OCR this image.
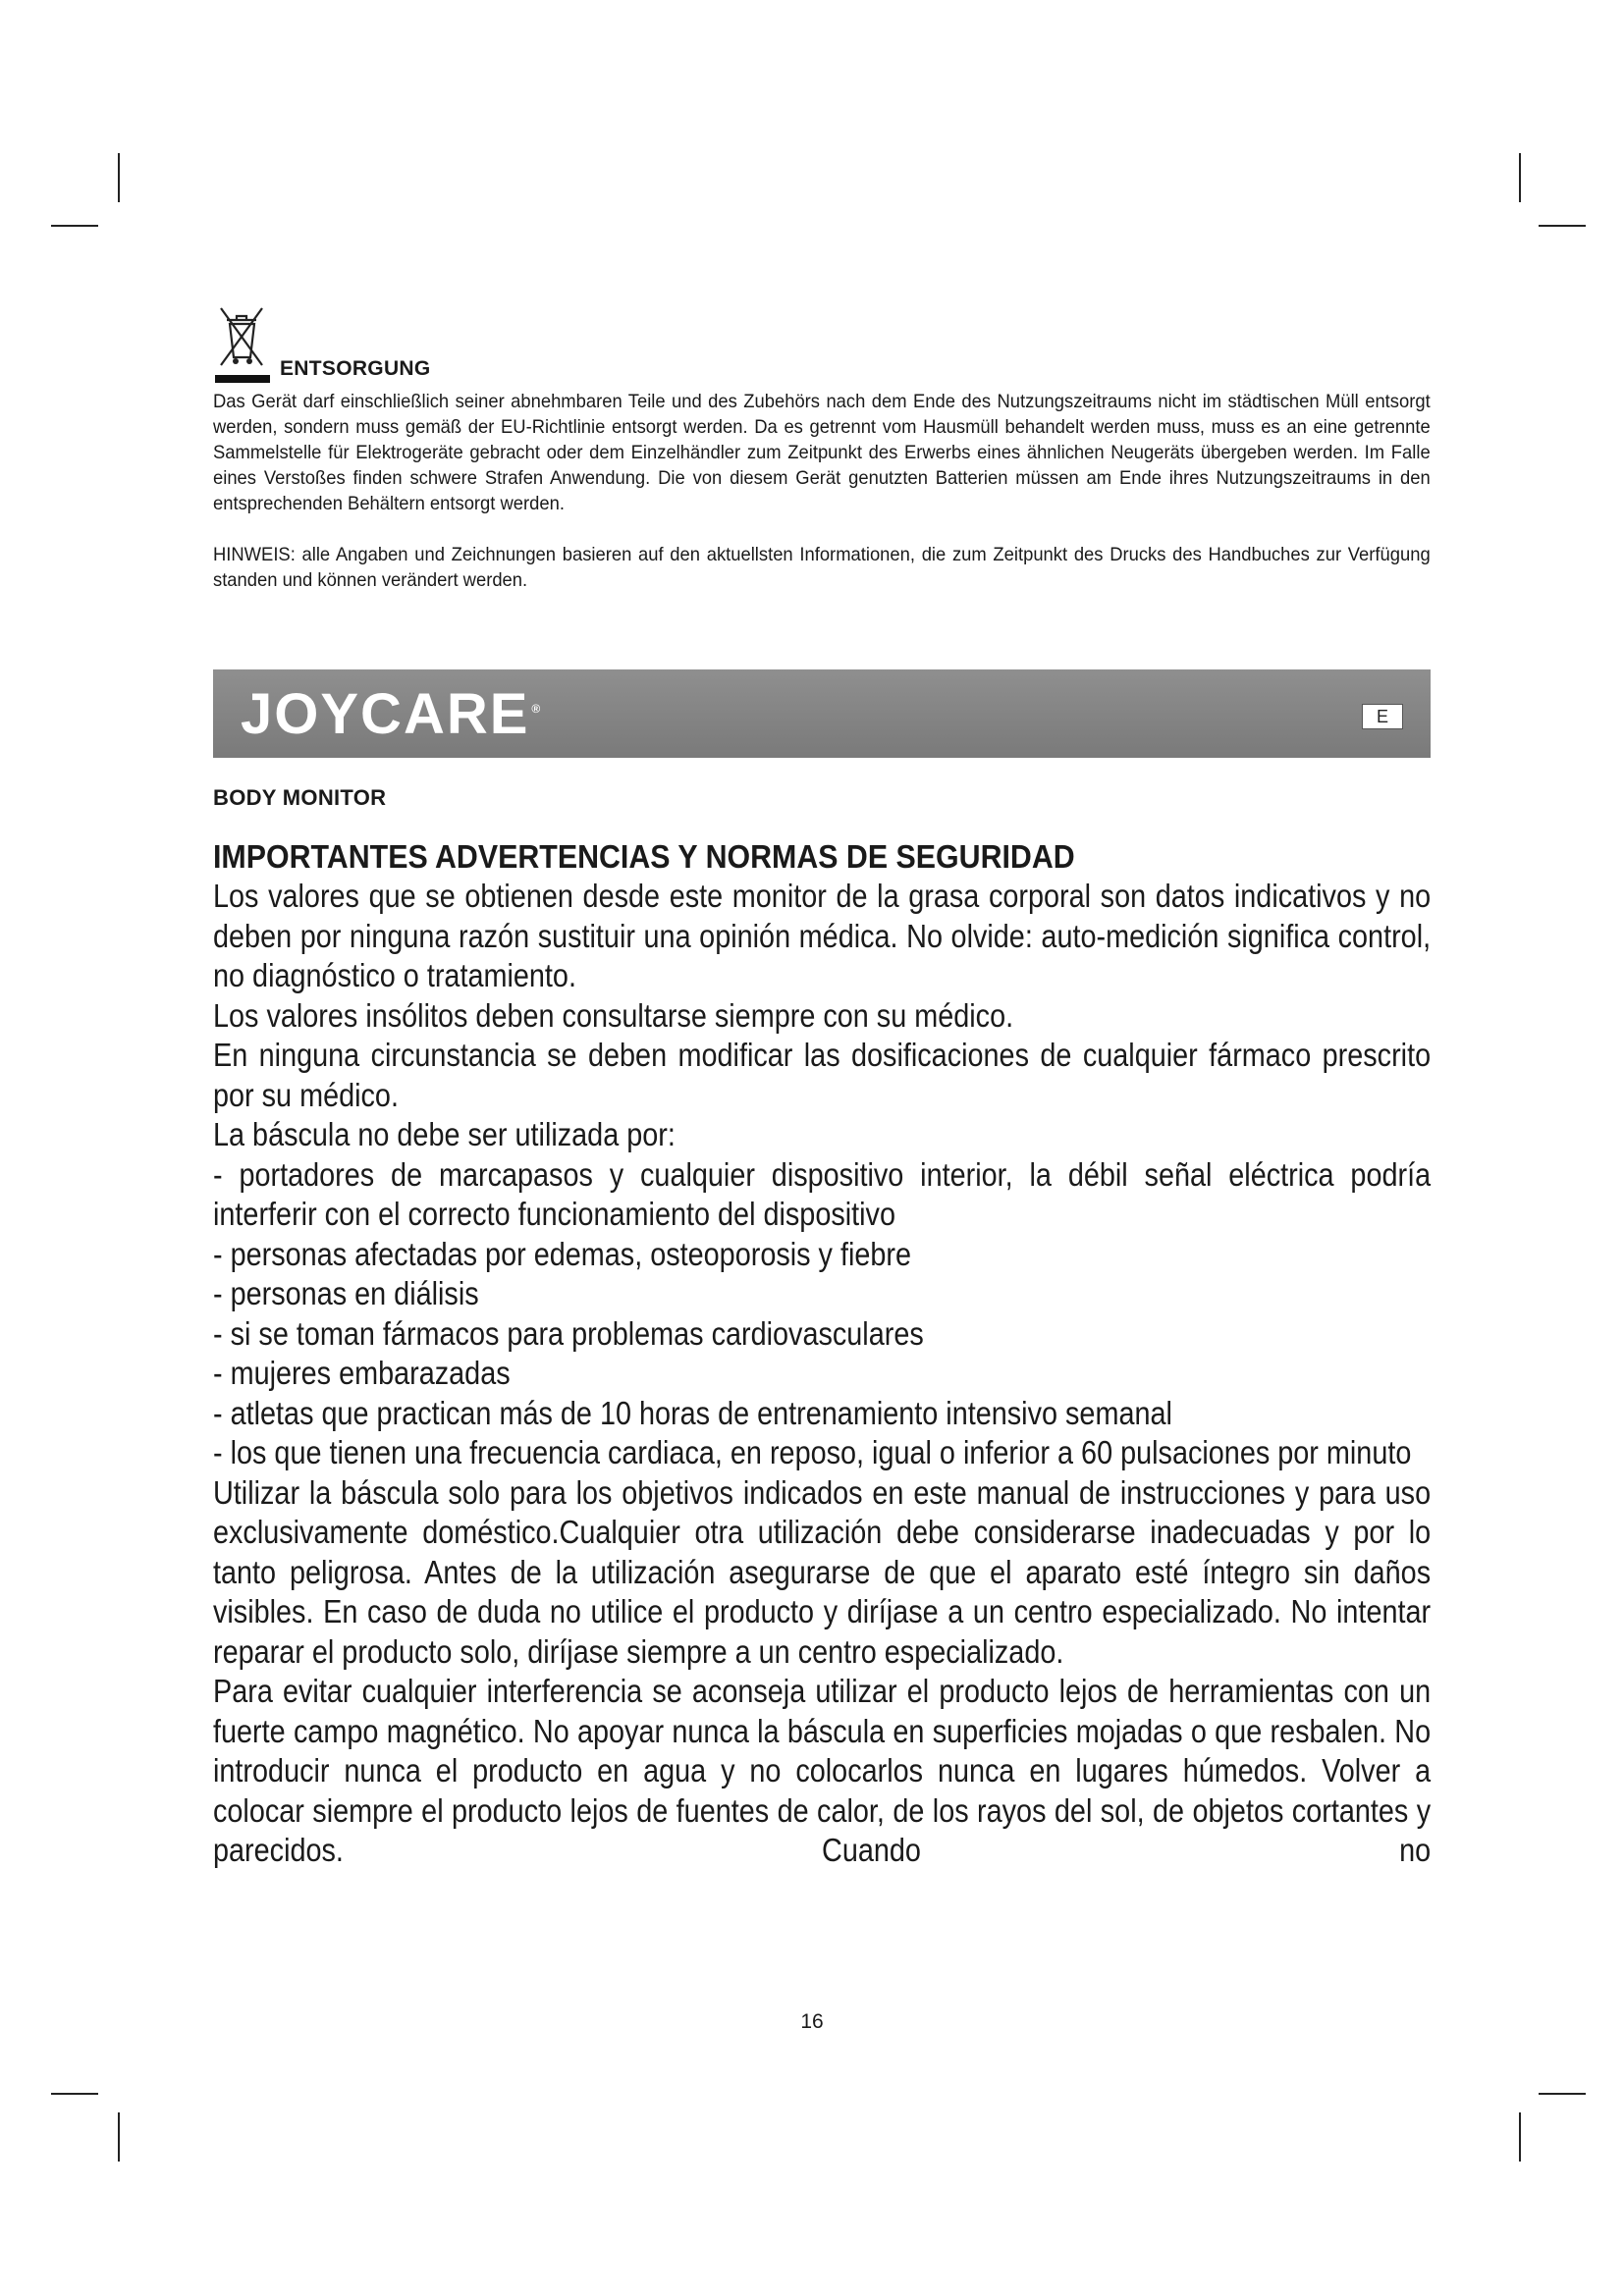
ENTSORGUNG

Das Gerät darf einschließlich seiner abnehmbaren Teile und des Zubehörs nach dem Ende des Nutzungszeitraums nicht im städtischen Müll entsorgt werden, sondern muss gemäß der EU-Richtlinie entsorgt werden. Da es getrennt vom Hausmüll behandelt werden muss, muss es an eine getrennte Sammelstelle für Elektrogeräte gebracht oder dem Einzelhändler zum Zeitpunkt des Erwerbs eines ähnlichen Neugeräts übergeben werden. Im Falle eines Verstoßes finden schwere Strafen Anwendung. Die von diesem Gerät genutzten Batterien müssen am Ende ihres Nutzungszeitraums in den entsprechenden Behältern entsorgt werden.

HINWEIS: alle Angaben und Zeichnungen basieren auf den aktuellsten Informationen, die zum Zeitpunkt des Drucks des Handbuches zur Verfügung standen und können verändert werden.

JOYCARE ®	E
BODY MONITOR
IMPORTANTES ADVERTENCIAS Y NORMAS DE SEGURIDAD

Los valores que se obtienen desde este monitor de la grasa corporal son datos indicativos y no deben por ninguna razón sustituir una opinión médica. No olvide: auto-medición significa control, no diagnóstico o tratamiento.

Los valores insólitos deben consultarse siempre con su médico.

En ninguna circunstancia se deben modificar las dosificaciones de cualquier fármaco prescrito por su médico.

La báscula no debe ser utilizada por:

- portadores de marcapasos y cualquier dispositivo interior, la débil señal eléctrica podría interferir con el correcto funcionamiento del dispositivo

- personas afectadas por edemas, osteoporosis y fiebre

- personas en diálisis

- si se toman fármacos para problemas cardiovasculares

- mujeres embarazadas

- atletas que practican más de 10 horas de entrenamiento intensivo semanal

- los que tienen una frecuencia cardiaca, en reposo, igual o inferior a 60 pulsaciones por minuto

Utilizar la báscula solo para los objetivos indicados en este manual de instrucciones y para uso exclusivamente doméstico.Cualquier otra utilización debe considerarse inadecuadas y por lo tanto peligrosa. Antes de la utilización asegurarse de que el aparato esté íntegro sin daños visibles. En caso de duda no utilice el producto y diríjase a un centro especializado. No intentar reparar el producto solo, diríjase siempre a un centro especializado.

Para evitar cualquier interferencia se aconseja utilizar el producto lejos de herramientas con un fuerte campo magnético. No apoyar nunca la báscula en superficies mojadas o que resbalen. No introducir nunca el producto en agua y no colocarlos nunca en lugares húmedos. Volver a colocar siempre el producto lejos de fuentes de calor, de los rayos del sol, de objetos cortantes y parecidos. Cuando no

16
